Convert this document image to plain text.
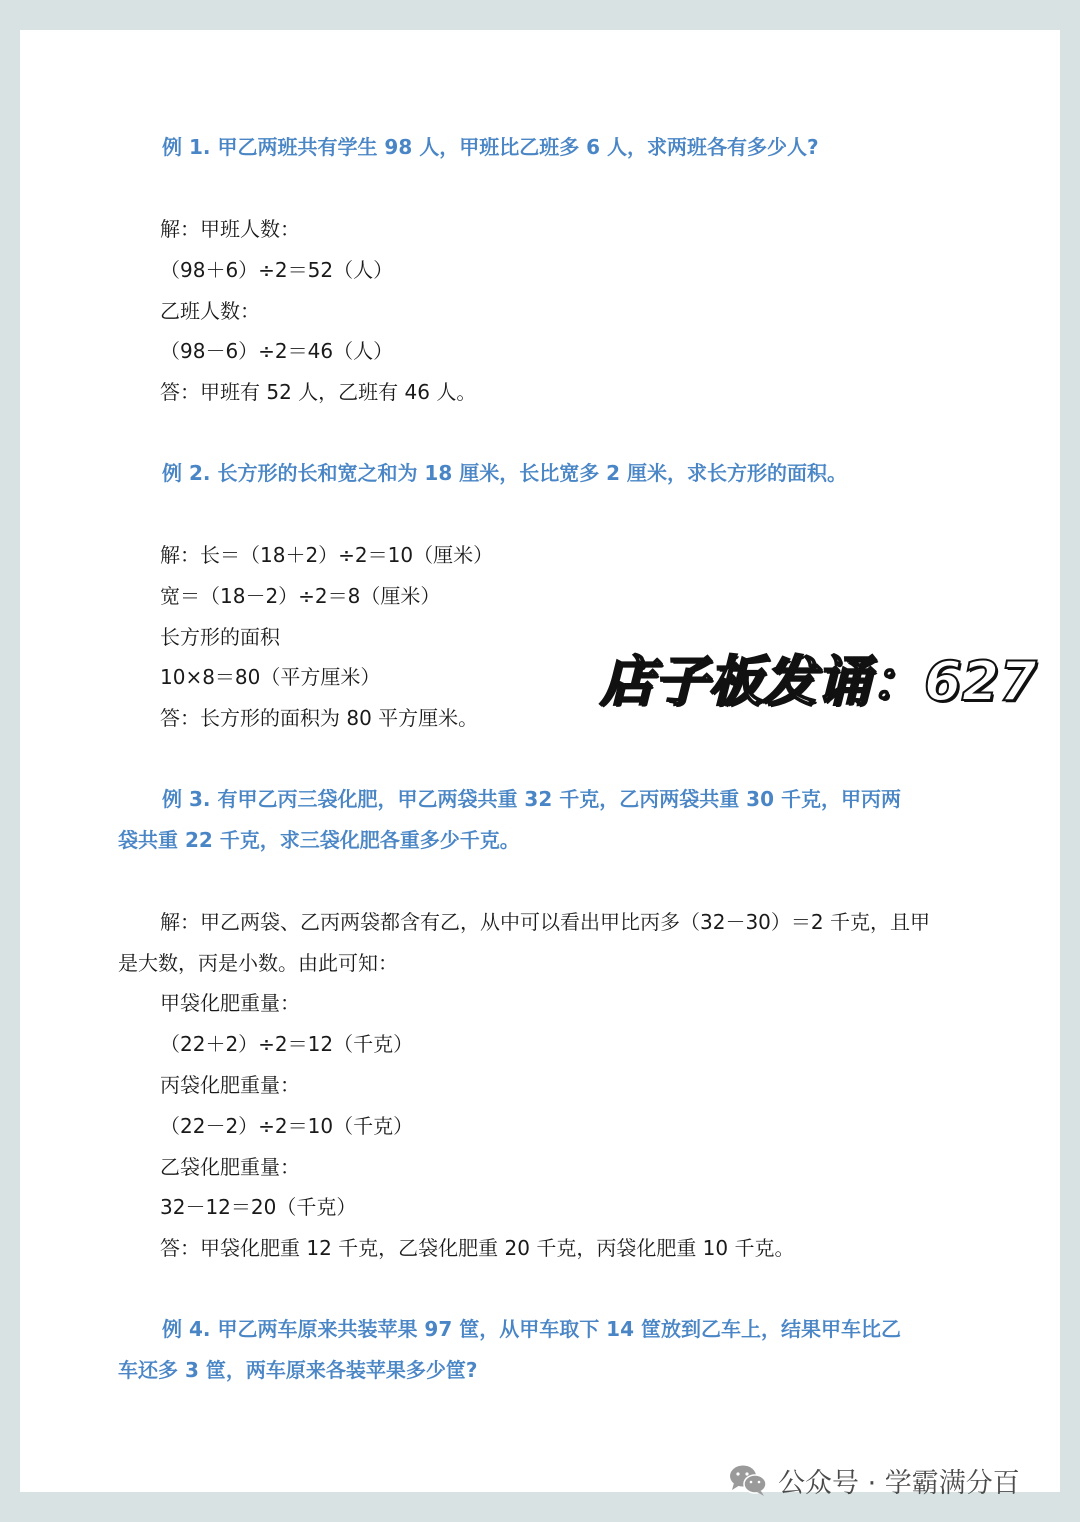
例 1. 甲乙两班共有学生 98 人，甲班比乙班多 6 人，求两班各有多少人?
解：甲班人数：
（98＋6）÷2＝52（人）
乙班人数：
（98－6）÷2＝46（人）
答：甲班有 52 人，乙班有 46 人。
例 2. 长方形的长和宽之和为 18 厘米，长比宽多 2 厘米，求长方形的面积。
解：长＝（18＋2）÷2＝10（厘米）
宽＝（18－2）÷2＝8（厘米）
长方形的面积
10×8＝80（平方厘米）
答：长方形的面积为 80 平方厘米。
例 3. 有甲乙丙三袋化肥，甲乙两袋共重 32 千克，乙丙两袋共重 30 千克，甲丙两
袋共重 22 千克，求三袋化肥各重多少千克。
解：甲乙两袋、乙丙两袋都含有乙，从中可以看出甲比丙多（32－30）＝2 千克，且甲
是大数，丙是小数。由此可知：
甲袋化肥重量：
（22＋2）÷2＝12（千克）
丙袋化肥重量：
（22－2）÷2＝10（千克）
乙袋化肥重量：
32－12＝20（千克）
答：甲袋化肥重 12 千克，乙袋化肥重 20 千克，丙袋化肥重 10 千克。
例 4. 甲乙两车原来共装苹果 97 筐，从甲车取下 14 筐放到乙车上，结果甲车比乙
车还多 3 筐，两车原来各装苹果多少筐?
店子板发诵：627
公众号 · 学霸满分百
